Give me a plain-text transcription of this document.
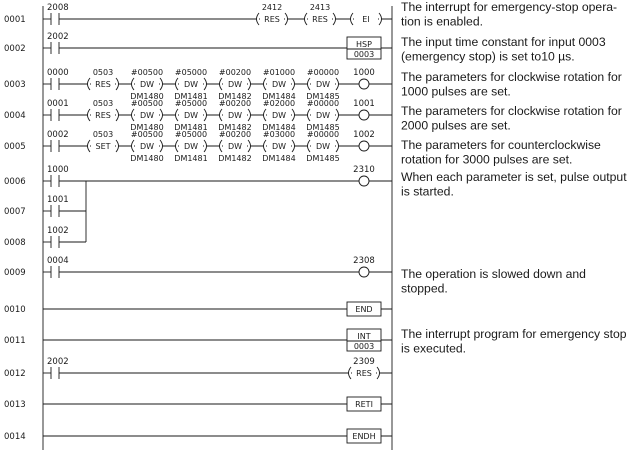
0001
2008
RES
2412
RES
2413
EI
0002
2002
HSP
0003
0003
0000
RES
0503
DW
#00500
DM1480
DW
#05000
DM1481
DW
#00200
DM1482
DW
#01000
DM1484
DW
#00000
DM1485
1000
0004
0001
RES
0503
DW
#00500
DM1480
DW
#05000
DM1481
DW
#00200
DM1482
DW
#02000
DM1484
DW
#00000
DM1485
1001
0005
0002
SET
0503
DW
#00500
DM1480
DW
#05000
DM1481
DW
#00200
DM1482
DW
#03000
DM1484
DW
#00000
DM1485
1002
0006
1000	2310
0007
1001
0008
1002
0009
0004	2308
0010	END
0011	INT
0003
0012
2002
RES
2309
0013	RETI
0014	ENDH
The interrupt for emergency-stop opera-
tion is enabled.
The input time constant for input 0003
(emergency stop) is set to10 µs.
The parameters for clockwise rotation for
1000 pulses are set.
The parameters for clockwise rotation for
2000 pulses are set.
The parameters for counterclockwise
rotation for 3000 pulses are set.
When each parameter is set, pulse output
is started.
The operation is slowed down and
stopped.
The interrupt program for emergency stop
is executed.
